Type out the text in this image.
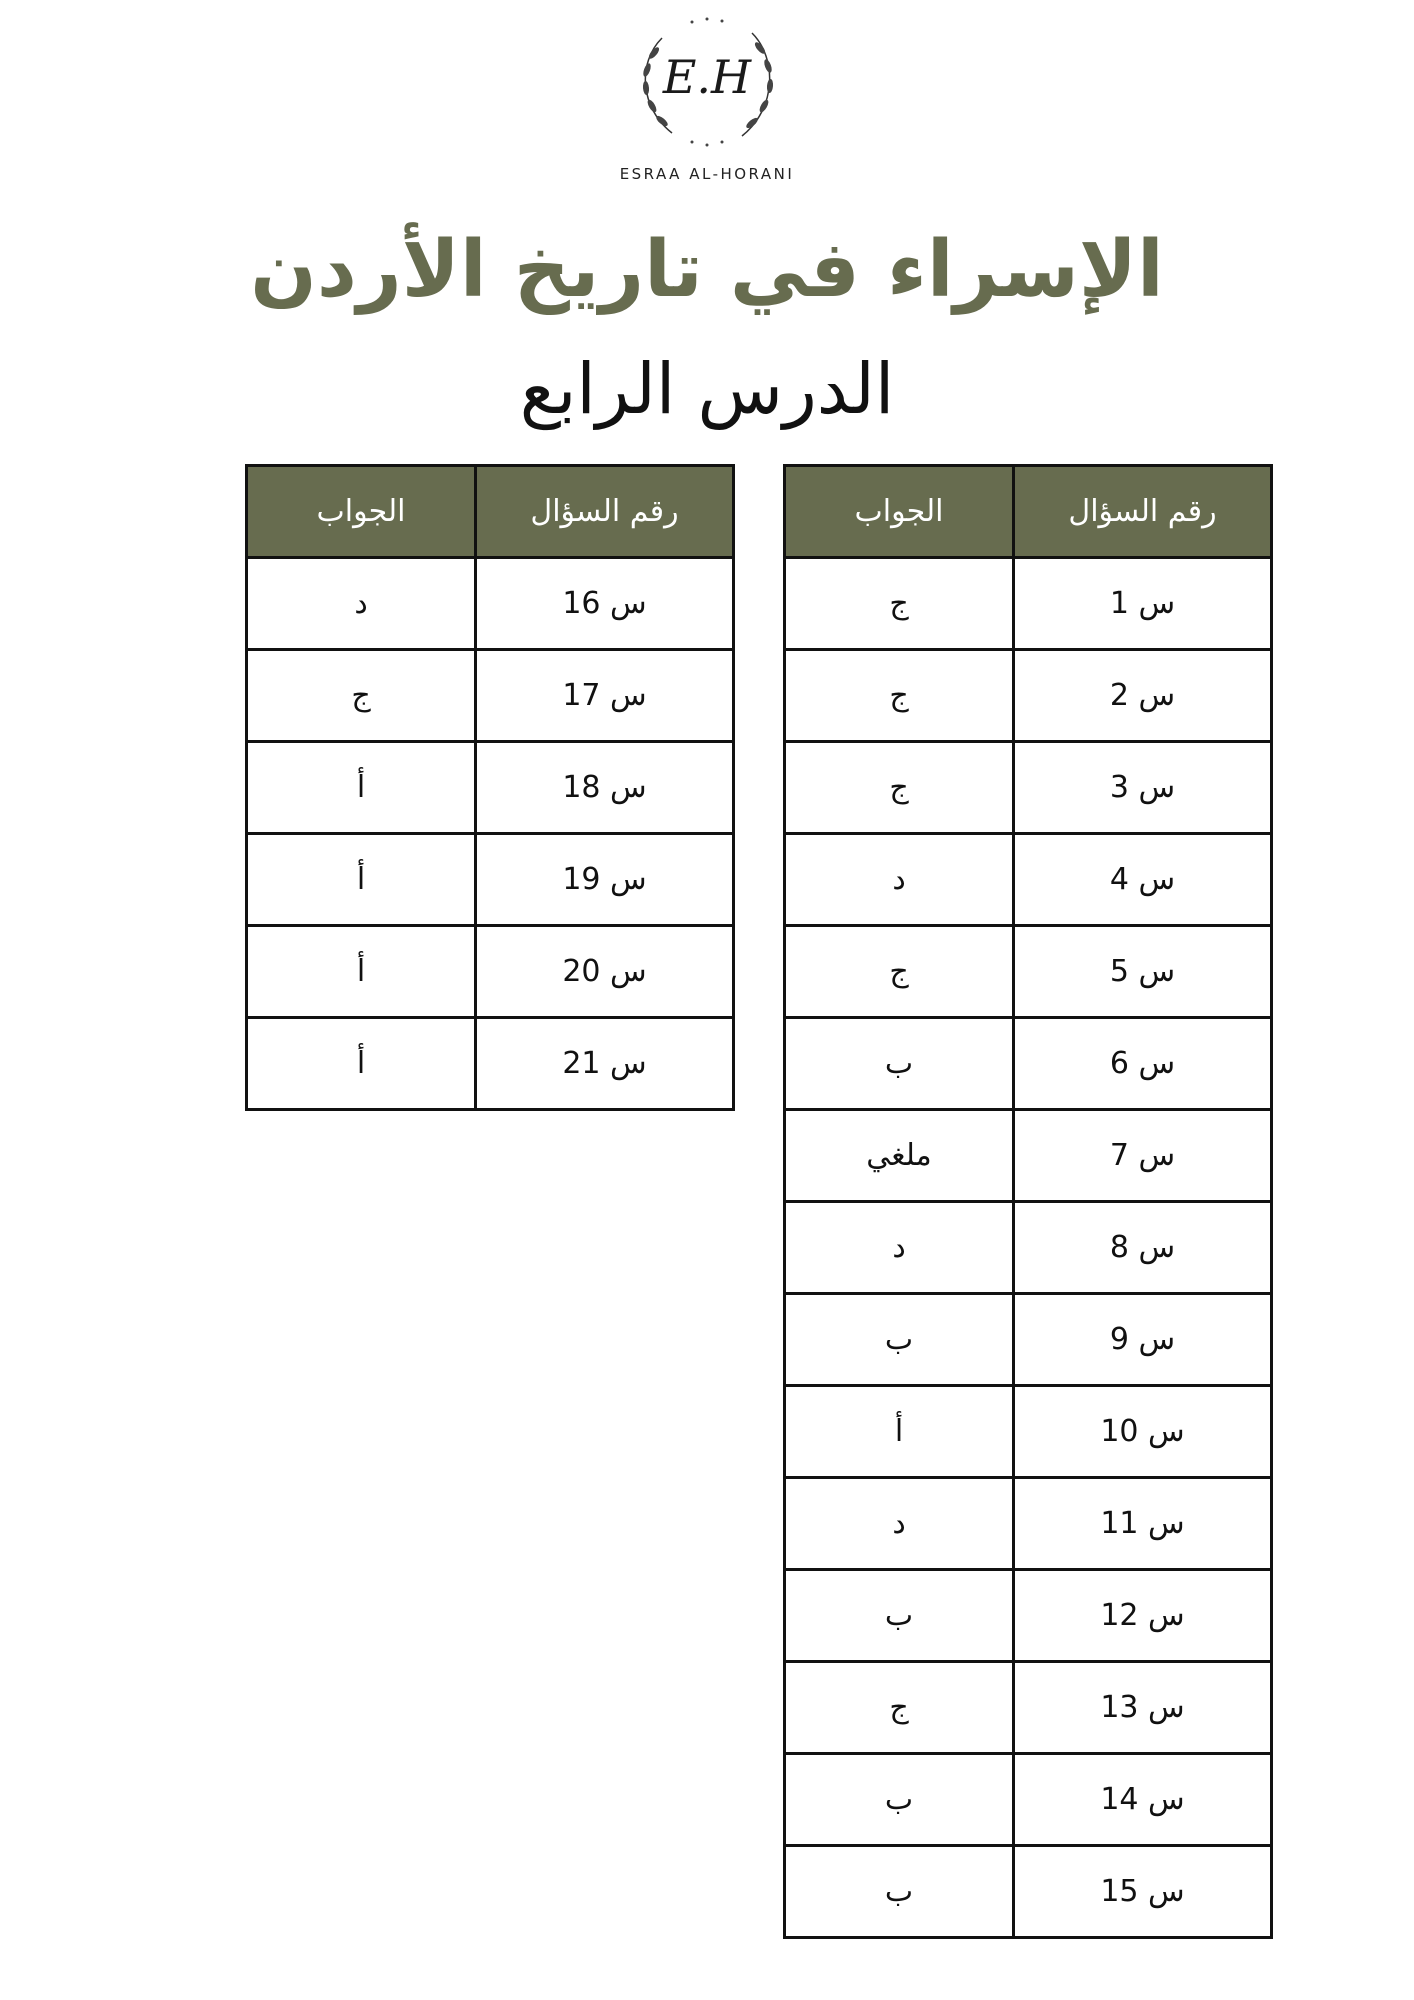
E.H
ESRAA AL-HORANI
الإسراء في تاريخ الأردن
الدرس الرابع
الجواب	رقم السؤال
ج	س 1
ج	س 2
ج	س 3
د	س 4
ج	س 5
ب	س 6
ملغي	س 7
د	س 8
ب	س 9
أ	س 10
د	س 11
ب	س 12
ج	س 13
ب	س 14
ب	س 15
الجواب	رقم السؤال
د	س 16
ج	س 17
أ	س 18
أ	س 19
أ	س 20
أ	س 21
